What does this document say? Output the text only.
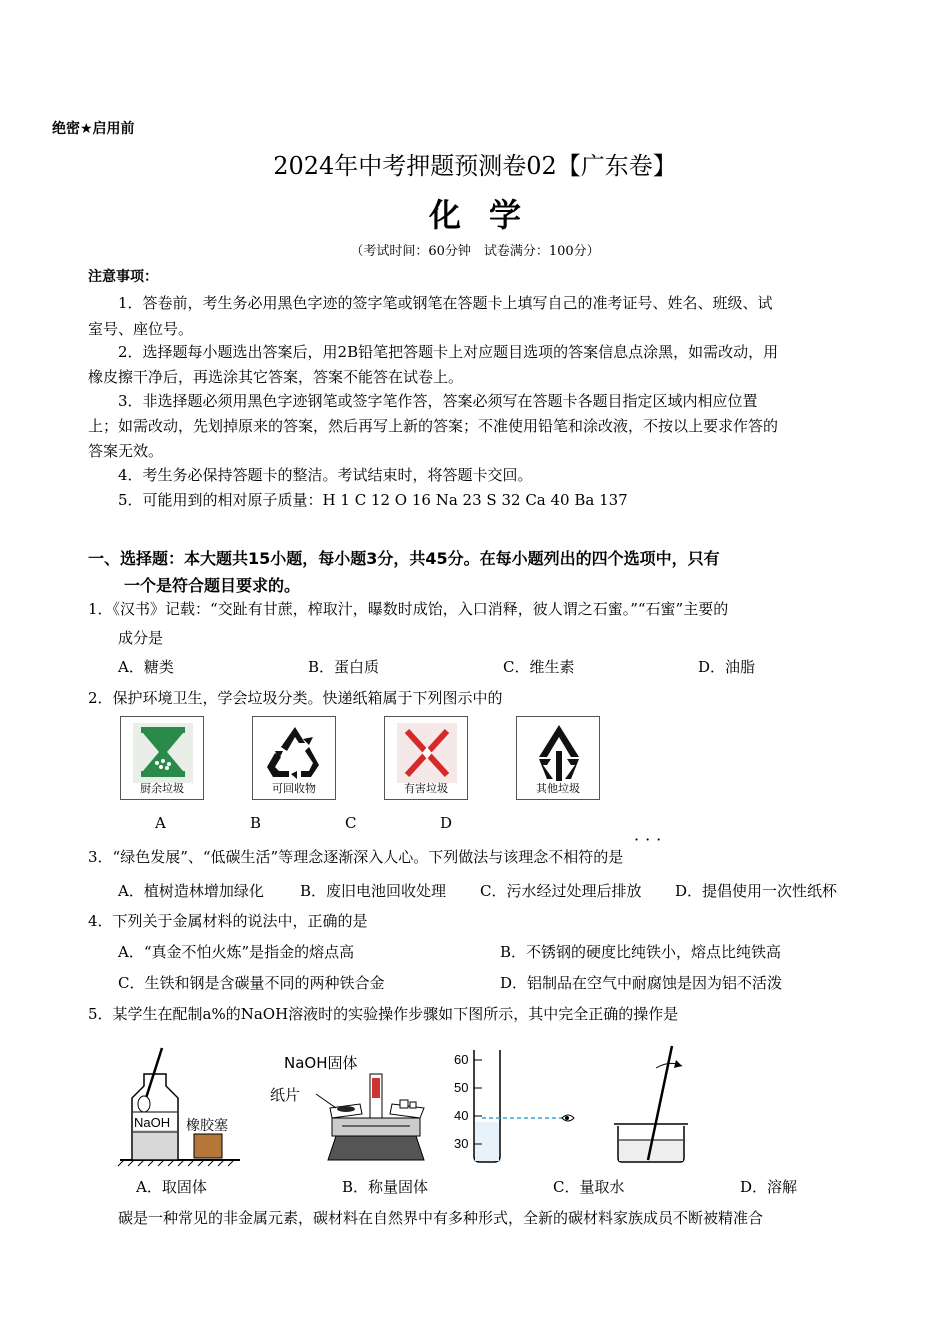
绝密★启用前
2024年中考押题预测卷02【广东卷】
化学
（考试时间：60分钟　试卷满分：100分）
注意事项：
1．答卷前，考生务必用黑色字迹的签字笔或钢笔在答题卡上填写自己的准考证号、姓名、班级、试
室号、座位号。
2．选择题每小题选出答案后，用2B铅笔把答题卡上对应题目选项的答案信息点涂黑，如需改动，用
橡皮擦干净后，再选涂其它答案，答案不能答在试卷上。
3．非选择题必须用黑色字迹钢笔或签字笔作答，答案必须写在答题卡各题目指定区域内相应位置
上；如需改动，先划掉原来的答案，然后再写上新的答案；不准使用铅笔和涂改液，不按以上要求作答的
答案无效。
4．考生务必保持答题卡的整洁。考试结束时，将答题卡交回。
5．可能用到的相对原子质量：H 1 C 12 O 16 Na 23 S 32 Ca 40 Ba 137
一、选择题：本大题共15小题，每小题3分，共45分。在每小题列出的四个选项中，只有
一个是符合题目要求的。
1．《汉书》记载：“交趾有甘蔗，榨取汁，曝数时成饴，入口消释，彼人谓之石蜜。”“石蜜”主要的
成分是
A．糖类	B．蛋白质	C．维生素	D．油脂
2．保护环境卫生，学会垃圾分类。快递纸箱属于下列图示中的
厨余垃圾	可回收物	有害垃圾	其他垃圾
A	B	C	D
···
3．“绿色发展”、“低碳生活”等理念逐渐深入人心。下列做法与该理念不相符的是
A．植树造林增加绿化 B．废旧电池回收处理 C．污水经过处理后排放 D．提倡使用一次性纸杯
4．下列关于金属材料的说法中，正确的是
A．“真金不怕火炼”是指金的熔点高	B．不锈钢的硬度比纯铁小，熔点比纯铁高
C．生铁和钢是含碳量不同的两种铁合金	D．铝制品在空气中耐腐蚀是因为铝不活泼
5．某学生在配制a%的NaOH溶液时的实验操作步骤如下图所示，其中完全正确的操作是
NaOH 橡胶塞
NaOH固体
纸片
60
50
40
30
A．取固体	B．称量固体	C．量取水	D．溶解
碳是一种常见的非金属元素，碳材料在自然界中有多种形式，全新的碳材料家族成员不断被精准合
